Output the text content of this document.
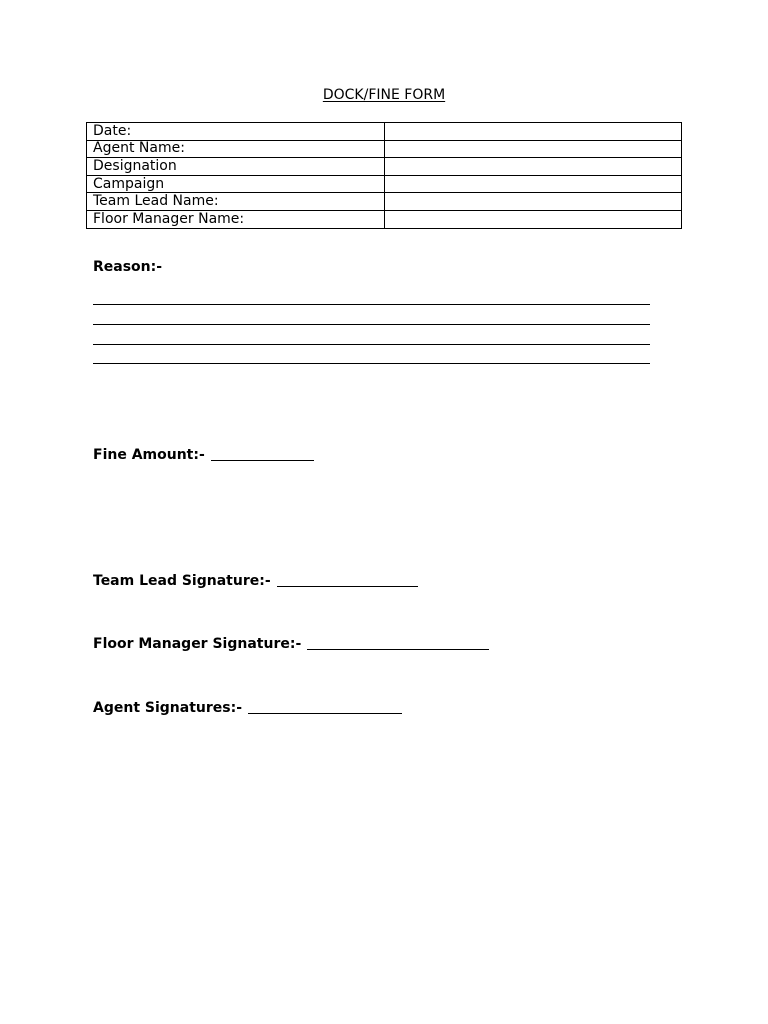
DOCK/FINE FORM
Date:	
Agent Name:	
Designation	
Campaign	
Team Lead Name:	
Floor Manager Name:	
Reason:-
Fine Amount:-
Team Lead Signature:-
Floor Manager Signature:-
Agent Signatures:-
